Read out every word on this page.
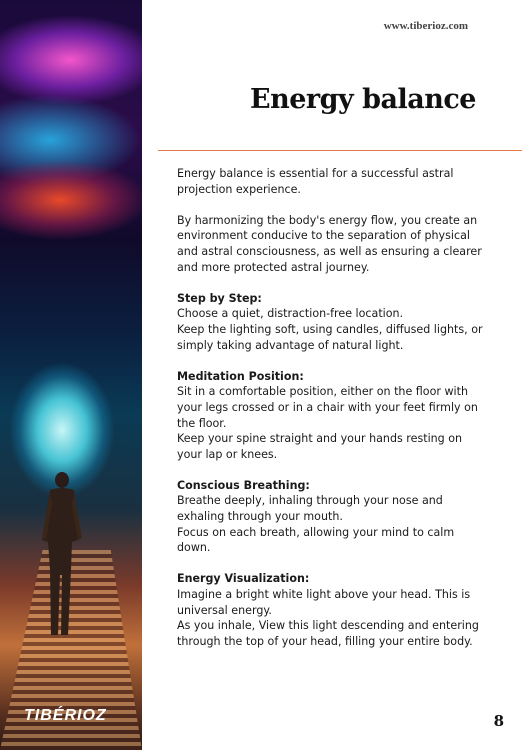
TIBÉRIOZ
www.tiberioz.com
Energy balance

Energy balance is essential for a successful astral projection experience.

By harmonizing the body's energy flow, you create an environment conducive to the separation of physical and astral consciousness, as well as ensuring a clearer and more protected astral journey.

Step by Step:
Choose a quiet, distraction-free location.
Keep the lighting soft, using candles, diffused lights, or simply taking advantage of natural light.
Meditation Position:
Sit in a comfortable position, either on the floor with your legs crossed or in a chair with your feet firmly on the floor.
Keep your spine straight and your hands resting on your lap or knees.
Conscious Breathing:
Breathe deeply, inhaling through your nose and exhaling through your mouth.
Focus on each breath, allowing your mind to calm down.
Energy Visualization:
Imagine a bright white light above your head. This is universal energy.
As you inhale, View this light descending and entering through the top of your head, filling your entire body.
8
